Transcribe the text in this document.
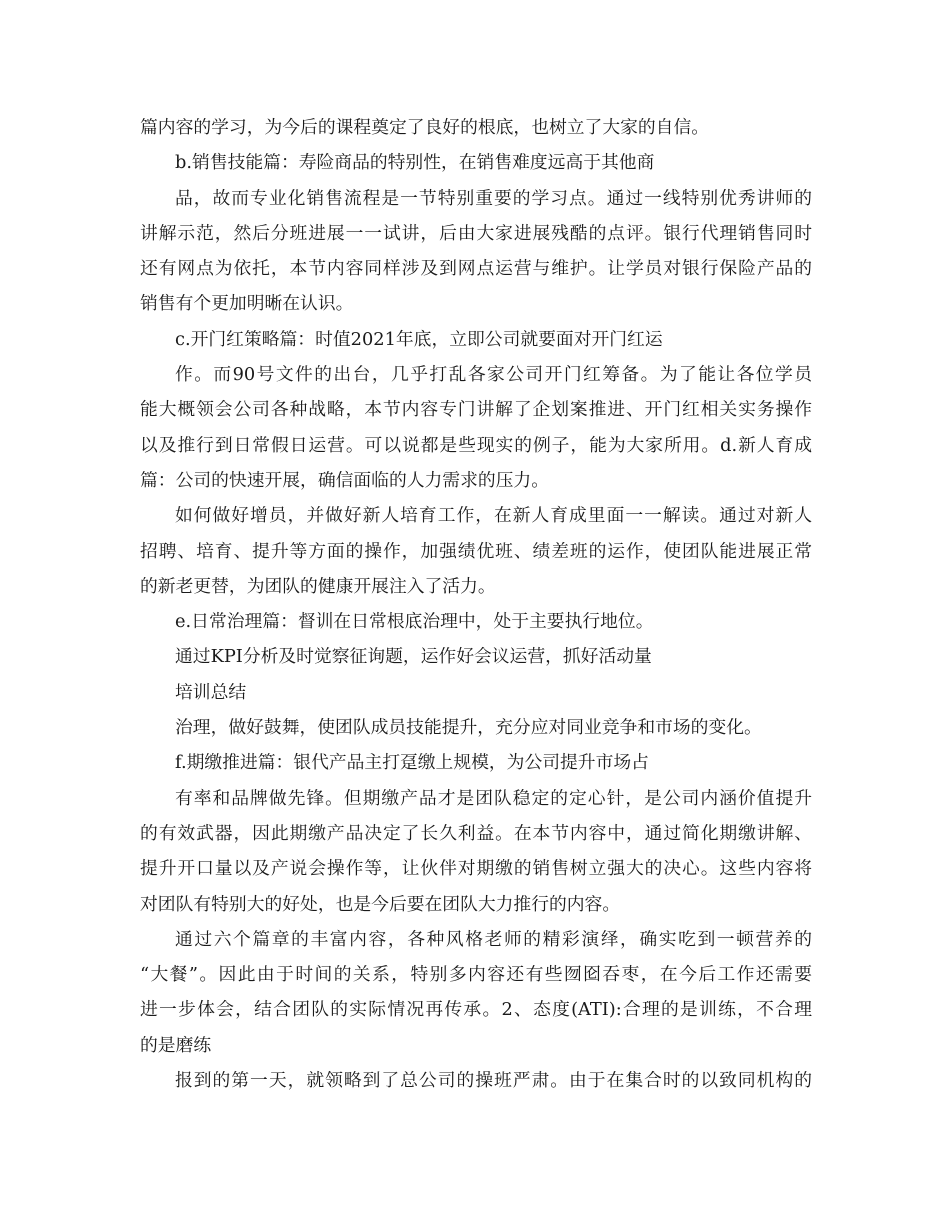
篇内容的学习，为今后的课程奠定了良好的根底，也树立了大家的自信。
b.销售技能篇：寿险商品的特别性，在销售难度远高于其他商
品，故而专业化销售流程是一节特别重要的学习点。通过一线特别优秀讲师的
讲解示范，然后分班进展一一试讲，后由大家进展残酷的点评。银行代理销售同时
还有网点为依托，本节内容同样涉及到网点运营与维护。让学员对银行保险产品的
销售有个更加明晰在认识。
c.开门红策略篇：时值2021年底，立即公司就要面对开门红运
作。而90号文件的出台，几乎打乱各家公司开门红筹备。为了能让各位学员
能大概领会公司各种战略，本节内容专门讲解了企划案推进、开门红相关实务操作
以及推行到日常假日运营。可以说都是些现实的例子，能为大家所用。d.新人育成
篇：公司的快速开展，确信面临的人力需求的压力。
如何做好增员，并做好新人培育工作，在新人育成里面一一解读。通过对新人
招聘、培育、提升等方面的操作，加强绩优班、绩差班的运作，使团队能进展正常
的新老更替，为团队的健康开展注入了活力。
e.日常治理篇：督训在日常根底治理中，处于主要执行地位。
通过KPI分析及时觉察征询题，运作好会议运营，抓好活动量
培训总结
治理，做好鼓舞，使团队成员技能提升，充分应对同业竞争和市场的变化。
f.期缴推进篇：银代产品主打趸缴上规模，为公司提升市场占
有率和品牌做先锋。但期缴产品才是团队稳定的定心针，是公司内涵价值提升
的有效武器，因此期缴产品决定了长久利益。在本节内容中，通过简化期缴讲解、
提升开口量以及产说会操作等，让伙伴对期缴的销售树立强大的决心。这些内容将
对团队有特别大的好处，也是今后要在团队大力推行的内容。
通过六个篇章的丰富内容，各种风格老师的精彩演绎，确实吃到一顿营养的
“大餐”。因此由于时间的关系，特别多内容还有些囫囵吞枣，在今后工作还需要
进一步体会，结合团队的实际情况再传承。2、态度(ATI):合理的是训练，不合理
的是磨练
报到的第一天，就领略到了总公司的操班严肃。由于在集合时的以致同机构的
